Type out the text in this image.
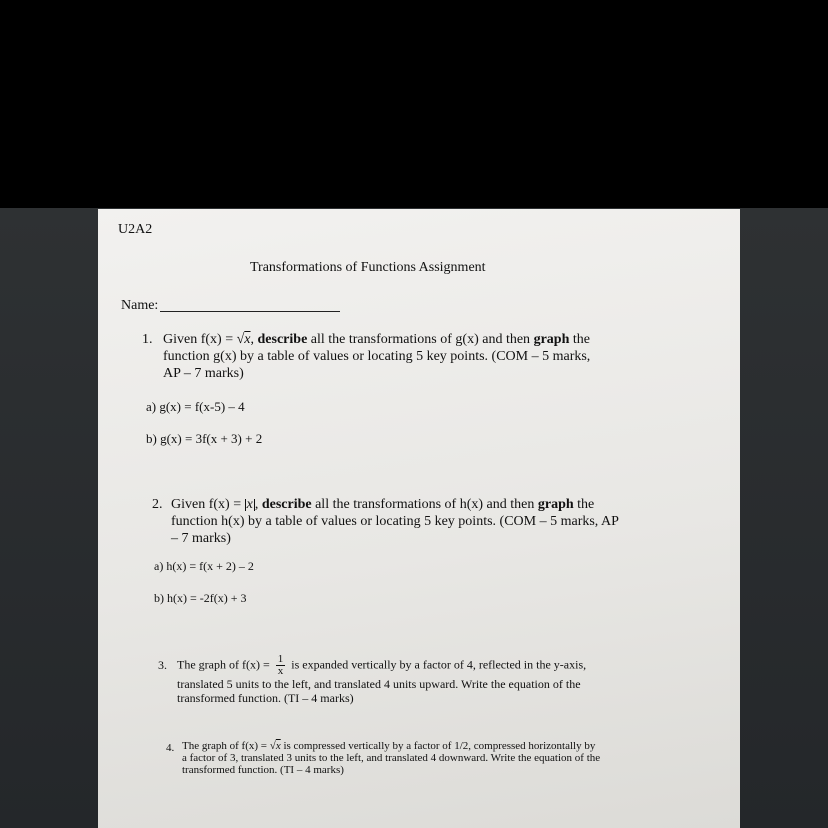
U2A2
Transformations of Functions Assignment
Name:
1. Given f(x) = √x, describe all the transformations of g(x) and then graph the function g(x) by a table of values or locating 5 key points. (COM – 5 marks, AP – 7 marks)
a) g(x) = f(x-5) – 4
b) g(x) = 3f(x + 3) + 2
2. Given f(x) = x , describe all the transformations of h(x) and then graph the function h(x) by a table of values or locating 5 key points. (COM – 5 marks, AP – 7 marks)
a) h(x) = f(x + 2) – 2
b) h(x) = -2f(x) + 3
3. The graph of $f(x) = \frac{1}{x}$ is expanded vertically by a factor of 4, reflected in the y-axis, translated 5 units to the left, and translated 4 units upward. Write the equation of the transformed function. (TI – 4 marks)
4. The graph of f(x) = √x is compressed vertically by a factor of 1/2, compressed horizontally by a factor of 3, translated 3 units to the left, and translated 4 downward. Write the equation of the transformed function. (TI – 4 marks)
